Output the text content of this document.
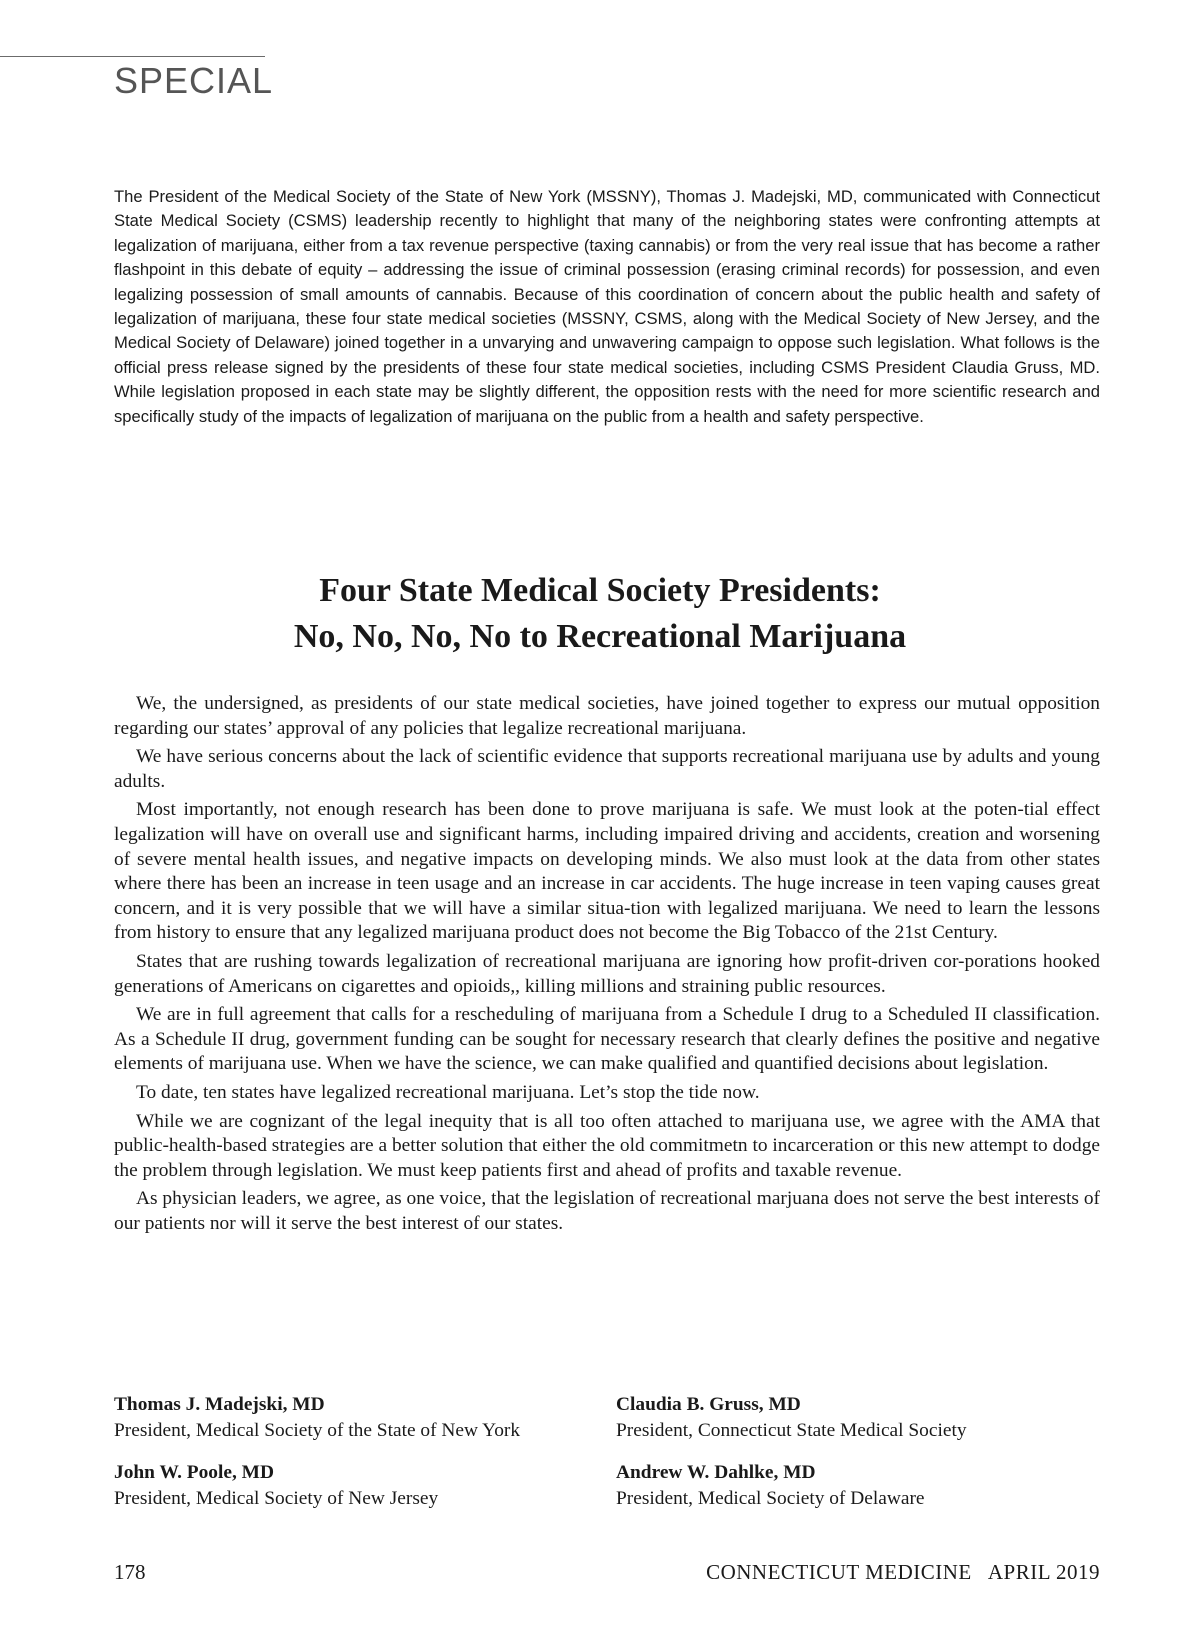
SPECIAL

The President of the Medical Society of the State of New York (MSSNY), Thomas J. Madejski, MD, communicated with Connecticut State Medical Society (CSMS) leadership recently to highlight that many of the neighboring states were confronting attempts at legalization of marijuana, either from a tax revenue perspective (taxing cannabis) or from the very real issue that has become a rather flashpoint in this debate of equity – addressing the issue of criminal possession (erasing criminal records) for possession, and even legalizing possession of small amounts of cannabis. Because of this coordination of concern about the public health and safety of legalization of marijuana, these four state medical societies (MSSNY, CSMS, along with the Medical Society of New Jersey, and the Medical Society of Delaware) joined together in a unvarying and unwavering campaign to oppose such legislation. What follows is the official press release signed by the presidents of these four state medical societies, including CSMS President Claudia Gruss, MD. While legislation proposed in each state may be slightly different, the opposition rests with the need for more scientific research and specifically study of the impacts of legalization of marijuana on the public from a health and safety perspective.

Four State Medical Society Presidents:
No, No, No, No to Recreational Marijuana

We, the undersigned, as presidents of our state medical societies, have joined together to express our mutual opposition regarding our states’ approval of any policies that legalize recreational marijuana.

We have serious concerns about the lack of scientific evidence that supports recreational marijuana use by adults and young adults.

Most importantly, not enough research has been done to prove marijuana is safe. We must look at the poten-tial effect legalization will have on overall use and significant harms, including impaired driving and accidents, creation and worsening of severe mental health issues, and negative impacts on developing minds. We also must look at the data from other states where there has been an increase in teen usage and an increase in car accidents. The huge increase in teen vaping causes great concern, and it is very possible that we will have a similar situa-tion with legalized marijuana. We need to learn the lessons from history to ensure that any legalized marijuana product does not become the Big Tobacco of the 21st Century.

States that are rushing towards legalization of recreational marijuana are ignoring how profit-driven cor-porations hooked generations of Americans on cigarettes and opioids,, killing millions and straining public resources.

We are in full agreement that calls for a rescheduling of marijuana from a Schedule I drug to a Scheduled II classification. As a Schedule II drug, government funding can be sought for necessary research that clearly defines the positive and negative elements of marijuana use. When we have the science, we can make qualified and quantified decisions about legislation.

To date, ten states have legalized recreational marijuana. Let’s stop the tide now.

While we are cognizant of the legal inequity that is all too often attached to marijuana use, we agree with the AMA that public-health-based strategies are a better solution that either the old commitmetn to incarceration or this new attempt to dodge the problem through legislation. We must keep patients first and ahead of profits and taxable revenue.

As physician leaders, we agree, as one voice, that the legislation of recreational marjuana does not serve the best interests of our patients nor will it serve the best interest of our states.

Thomas J. Madejski, MD
President, Medical Society of the State of New York
Claudia B. Gruss, MD
President, Connecticut State Medical Society
John W. Poole, MD
President, Medical Society of New Jersey
Andrew W. Dahlke, MD
President, Medical Society of Delaware
178	CONNECTICUT MEDICINE   APRIL 2019
